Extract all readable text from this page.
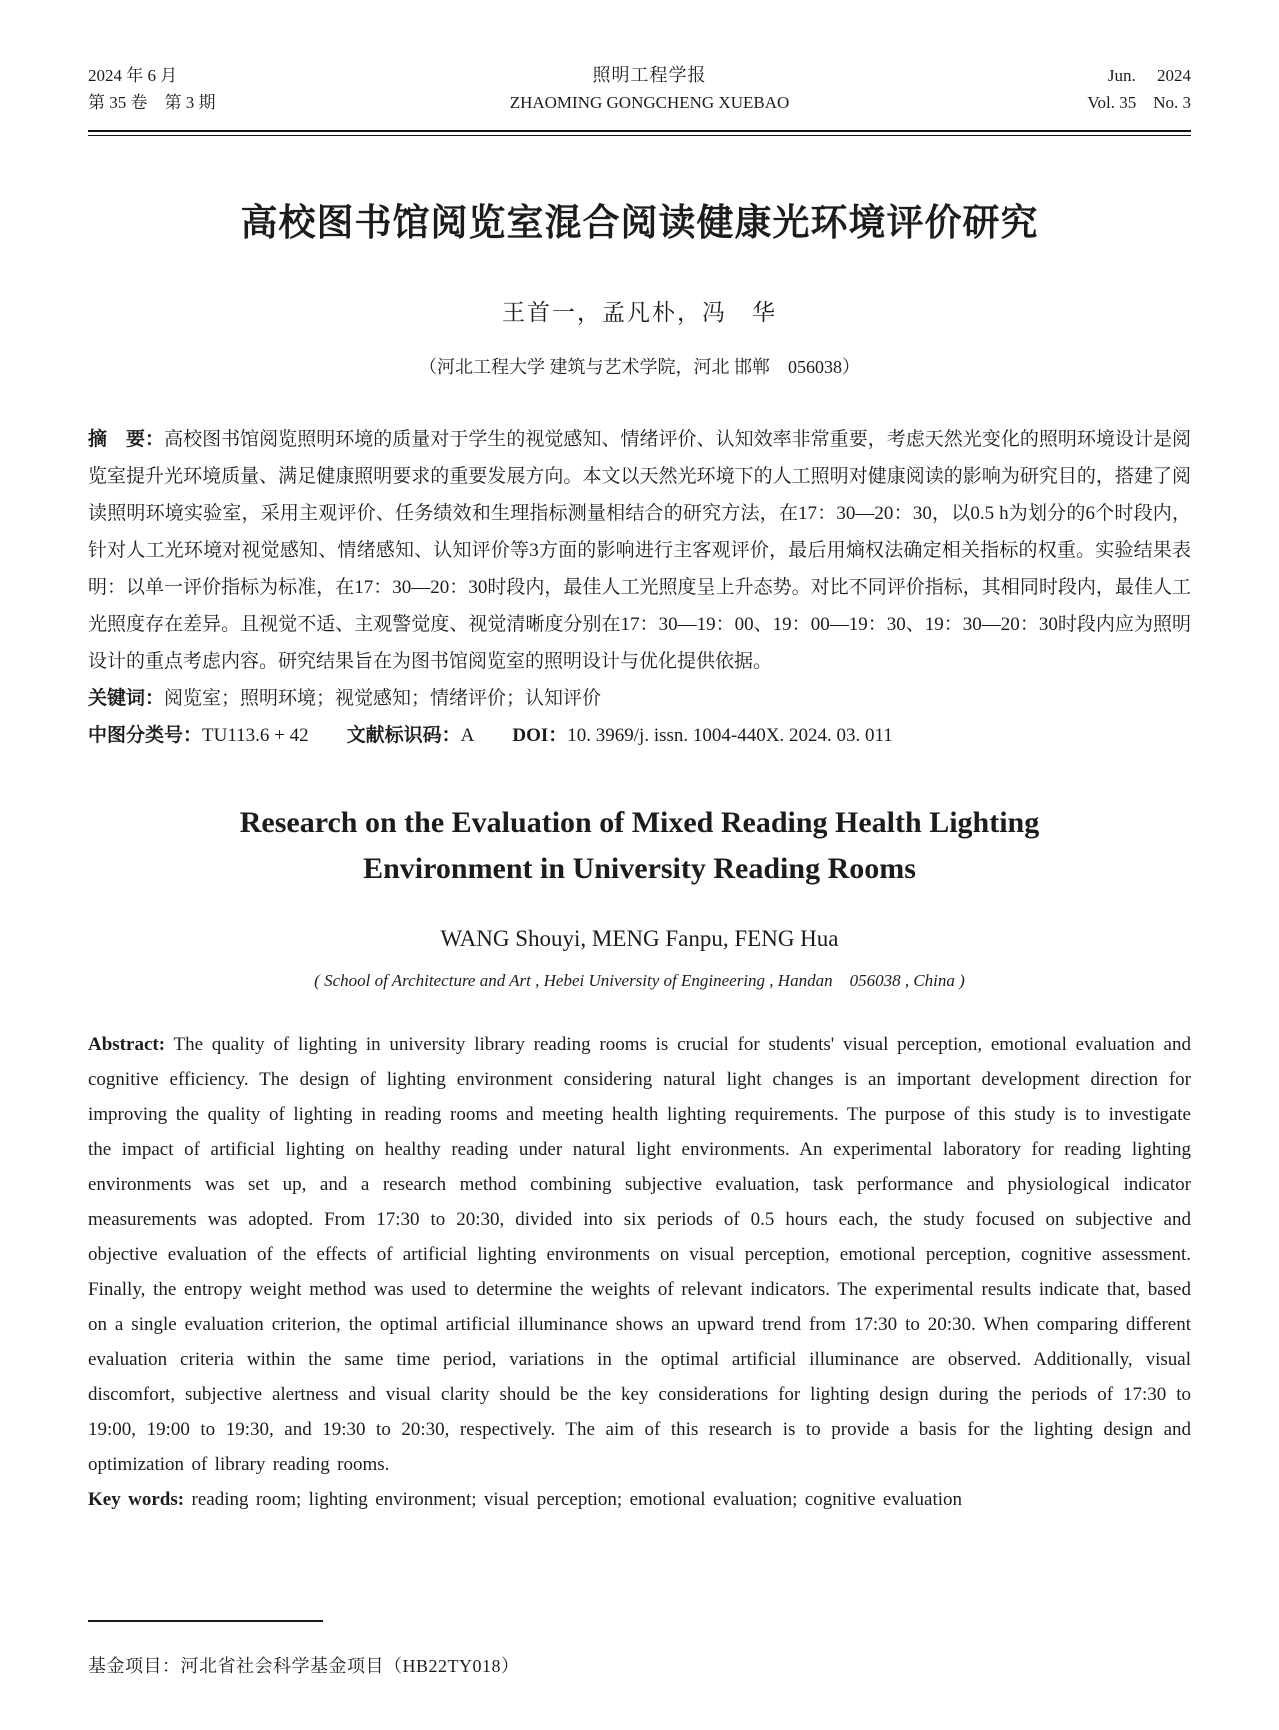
2024 年 6 月
第 35 卷　第 3 期
照明工程学报
ZHAOMING GONGCHENG XUEBAO
Jun.　 2024
Vol. 35　No. 3
高校图书馆阅览室混合阅读健康光环境评价研究
王首一，孟凡朴，冯　华
（河北工程大学 建筑与艺术学院，河北 邯郸　056038）

摘　要：高校图书馆阅览照明环境的质量对于学生的视觉感知、情绪评价、认知效率非常重要，考虑天然光变化的照明环境设计是阅览室提升光环境质量、满足健康照明要求的重要发展方向。本文以天然光环境下的人工照明对健康阅读的影响为研究目的，搭建了阅读照明环境实验室，采用主观评价、任务绩效和生理指标测量相结合的研究方法，在17：30—20：30，以0.5 h为划分的6个时段内，针对人工光环境对视觉感知、情绪感知、认知评价等3方面的影响进行主客观评价，最后用熵权法确定相关指标的权重。实验结果表明：以单一评价指标为标准，在17：30—20：30时段内，最佳人工光照度呈上升态势。对比不同评价指标，其相同时段内，最佳人工光照度存在差异。且视觉不适、主观警觉度、视觉清晰度分别在17：30—19：00、19：00—19：30、19：30—20：30时段内应为照明设计的重点考虑内容。研究结果旨在为图书馆阅览室的照明设计与优化提供依据。

关键词：阅览室；照明环境；视觉感知；情绪评价；认知评价

中图分类号：TU113.6 + 42 文献标识码：A DOI：10. 3969/j. issn. 1004-440X. 2024. 03. 011

Research on the Evaluation of Mixed Reading Health Lighting
Environment in University Reading Rooms
WANG Shouyi, MENG Fanpu, FENG Hua
( School of Architecture and Art , Hebei University of Engineering , Handan　056038 , China )

Abstract: The quality of lighting in university library reading rooms is crucial for students' visual perception, emotional evaluation and cognitive efficiency. The design of lighting environment considering natural light changes is an important development direction for improving the quality of lighting in reading rooms and meeting health lighting requirements. The purpose of this study is to investigate the impact of artificial lighting on healthy reading under natural light environments. An experimental laboratory for reading lighting environments was set up, and a research method combining subjective evaluation, task performance and physiological indicator measurements was adopted. From 17:30 to 20:30, divided into six periods of 0.5 hours each, the study focused on subjective and objective evaluation of the effects of artificial lighting environments on visual perception, emotional perception, cognitive assessment. Finally, the entropy weight method was used to determine the weights of relevant indicators. The experimental results indicate that, based on a single evaluation criterion, the optimal artificial illuminance shows an upward trend from 17:30 to 20:30. When comparing different evaluation criteria within the same time period, variations in the optimal artificial illuminance are observed. Additionally, visual discomfort, subjective alertness and visual clarity should be the key considerations for lighting design during the periods of 17:30 to 19:00, 19:00 to 19:30, and 19:30 to 20:30, respectively. The aim of this research is to provide a basis for the lighting design and optimization of library reading rooms.

Key words: reading room; lighting environment; visual perception; emotional evaluation; cognitive evaluation

基金项目：河北省社会科学基金项目（HB22TY018）
